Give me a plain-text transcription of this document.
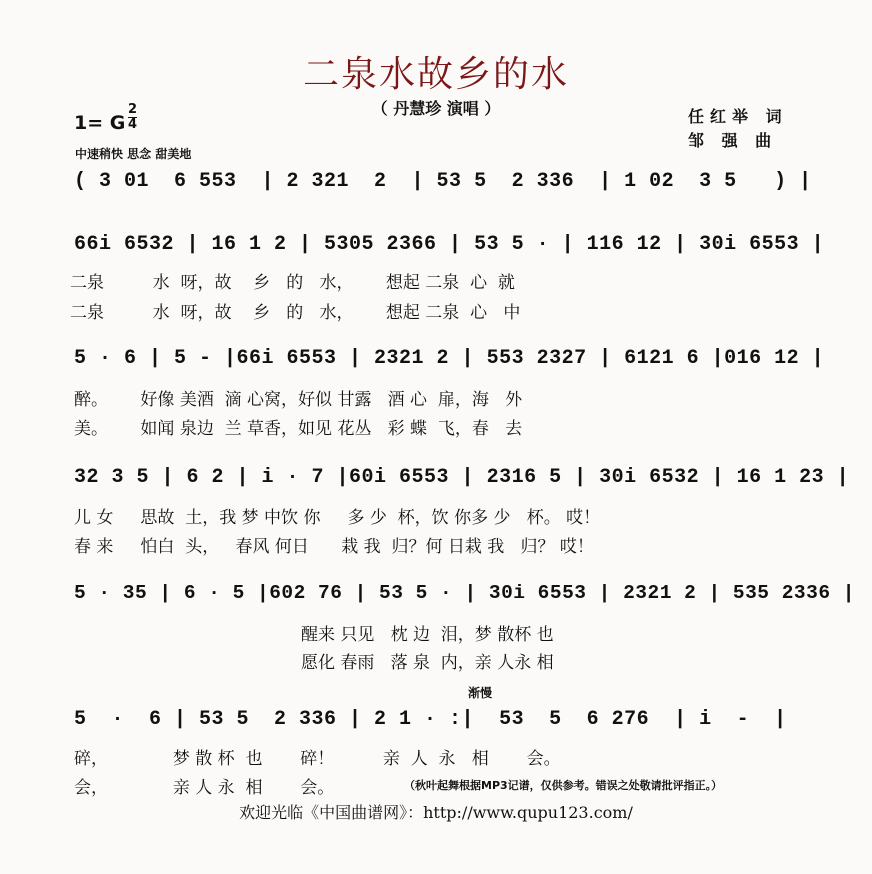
二泉水故乡的水
（ 丹慧珍 演唱 ）	任红举 词
邹 强 曲
1= G
2
4
中速稍快 思念 甜美地
( 3 01  6 553  | 2 321  2  | 53 5  2 336  | 1 02  3 5   ) |
66i 6532 | 16 1 2 | 5305 2366 | 53 5 · | 116 12 | 30i 6553 |
二泉         水  呀，故    乡   的   水，      想起 二泉  心  就
二泉         水  呀，故    乡   的   水，      想起 二泉  心   中
5 · 6 | 5 - |66i 6553 | 2321 2 | 553 2327 | 6121 6 |016 12 |
醉。      好像 美酒  滴 心窝，好似 甘露   酒 心  扉，海   外
美。      如闻 泉边  兰 草香，如见 花丛   彩 蝶  飞，春   去
32 3 5 | 6 2 | i · 7 |60i 6553 | 2316 5 | 30i 6532 | 16 1 23 |
儿 女     思故  土，我 梦 中饮 你     多 少  杯，饮 你多 少   杯。 哎！
春 来     怕白  头，   春风 何日      栽 我  归？何 日栽 我   归？ 哎！
5 · 35 | 6 · 5 |602 76 | 53 5 · | 30i 6553 | 2321 2 | 535 2336 |
醒来 只见   枕 边  泪，梦 散杯 也
愿化 春雨   落 泉  内，亲 人永 相
渐慢
5  ·  6 | 53 5  2 336 | 2 1 · :|  53  5  6 276  | i  -  |
碎，            梦 散 杯  也       碎！         亲  人  永   相       会。
会，            亲 人 永  相       会。	（秋叶起舞根据MP3记谱，仅供参考。错误之处敬请批评指正。）
欢迎光临《中国曲谱网》：http://www.qupu123.com/
